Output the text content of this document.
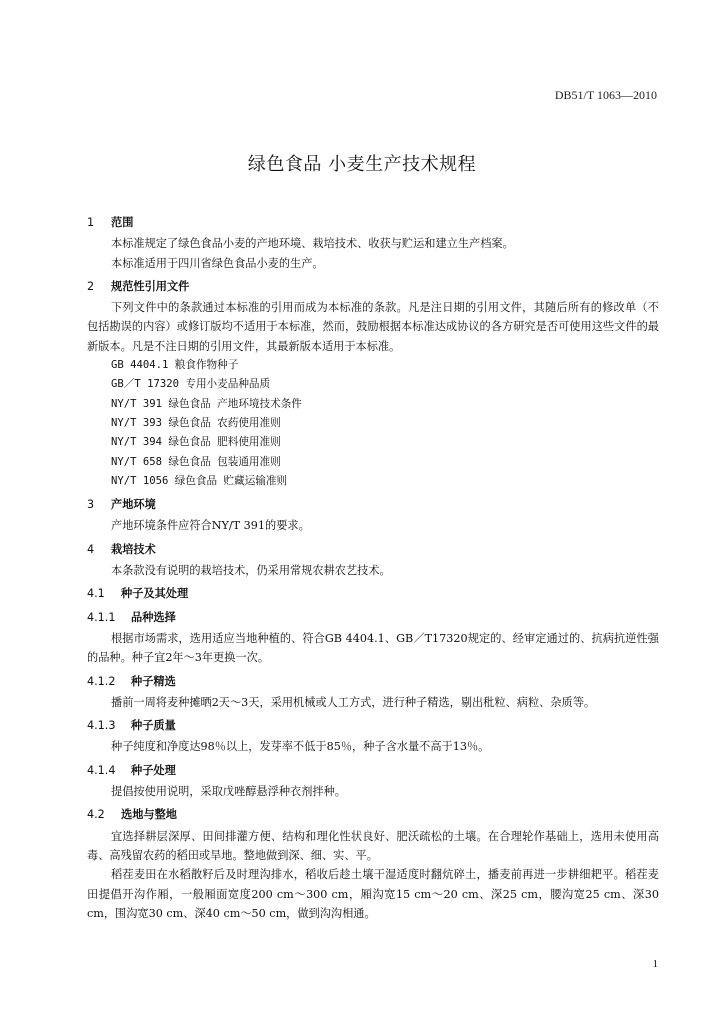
DB51/T 1063—2010
绿色食品 小麦生产技术规程
1 范围
本标准规定了绿色食品小麦的产地环境、栽培技术、收获与贮运和建立生产档案。
本标准适用于四川省绿色食品小麦的生产。
2 规范性引用文件
下列文件中的条款通过本标准的引用而成为本标准的条款。凡是注日期的引用文件，其随后所有的修改单（不包括勘误的内容）或修订版均不适用于本标准，然而，鼓励根据本标准达成协议的各方研究是否可使用这些文件的最新版本。凡是不注日期的引用文件，其最新版本适用于本标准。
GB 4404.1 粮食作物种子
GB／T 17320 专用小麦品种品质
NY/T 391 绿色食品 产地环境技术条件
NY/T 393 绿色食品 农药使用准则
NY/T 394 绿色食品 肥料使用准则
NY/T 658 绿色食品 包装通用准则
NY/T 1056 绿色食品 贮藏运输准则
3 产地环境
产地环境条件应符合NY/T 391的要求。
4 栽培技术
本条款没有说明的栽培技术，仍采用常规农耕农艺技术。
4.1 种子及其处理
4.1.1 品种选择
根据市场需求，选用适应当地种植的、符合GB 4404.1、GB／T17320规定的、经审定通过的、抗病抗逆性强的品种。种子宜2年～3年更换一次。
4.1.2 种子精选
播前一周将麦种摊晒2天～3天，采用机械或人工方式，进行种子精选，剔出秕粒、病粒、杂质等。
4.1.3 种子质量
种子纯度和净度达98％以上，发芽率不低于85％，种子含水量不高于13％。
4.1.4 种子处理
提倡按使用说明，采取戊唑醇悬浮种衣剂拌种。
4.2 选地与整地
宜选择耕层深厚、田间排灌方便、结构和理化性状良好、肥沃疏松的土壤。在合理轮作基础上，选用未使用高毒、高残留农药的稻田或旱地。整地做到深、细、实、平。
稻茬麦田在水稻散籽后及时理沟排水，稻收后趁土壤干湿适度时翻炕碎土，播麦前再进一步耕细耙平。稻茬麦田提倡开沟作厢，一般厢面宽度200 cm～300 cm，厢沟宽15 cm～20 cm、深25 cm，腰沟宽25 cm、深30 cm，围沟宽30 cm、深40 cm～50 cm，做到沟沟相通。
1
